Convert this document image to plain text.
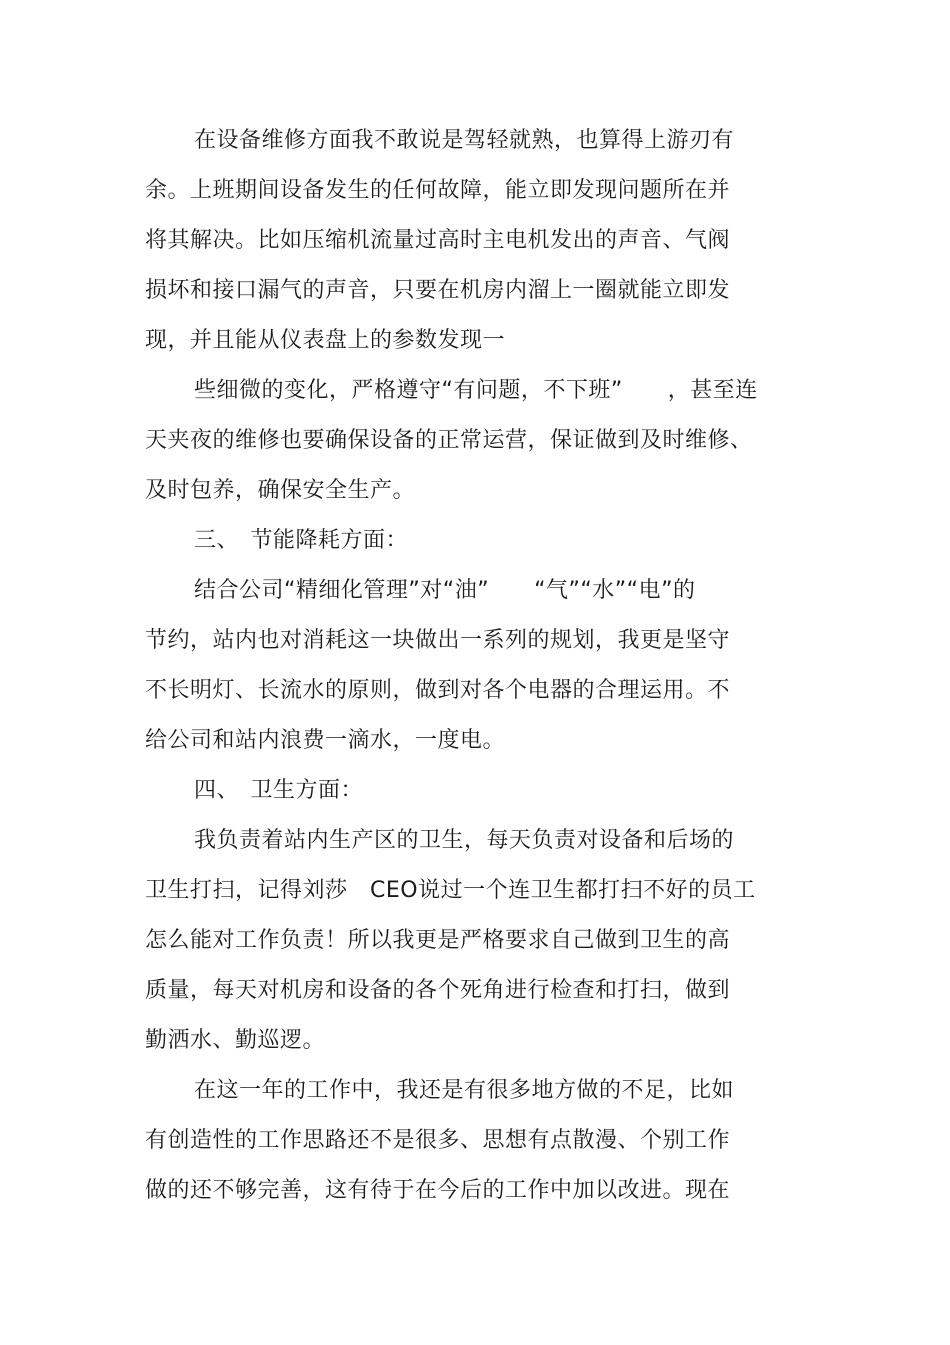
在设备维修方面我不敢说是驾轻就熟，也算得上游刃有
余。上班期间设备发生的任何故障，能立即发现问题所在并
将其解决。比如压缩机流量过高时主电机发出的声音、气阀
损坏和接口漏气的声音，只要在机房内溜上一圈就能立即发
现，并且能从仪表盘上的参数发现一
些细微的变化，严格遵守“有问题，不下班”　　，甚至连
天夹夜的维修也要确保设备的正常运营，保证做到及时维修、
及时包养，确保安全生产。
三、　节能降耗方面：
结合公司“精细化管理”对“油”　　“气”“水”“电”的
节约，站内也对消耗这一块做出一系列的规划，我更是坚守
不长明灯、长流水的原则，做到对各个电器的合理运用。不
给公司和站内浪费一滴水，一度电。
四、　卫生方面：
我负责着站内生产区的卫生，每天负责对设备和后场的
卫生打扫，记得刘莎　CEO说过一个连卫生都打扫不好的员工
怎么能对工作负责！所以我更是严格要求自己做到卫生的高
质量，每天对机房和设备的各个死角进行检查和打扫，做到
勤洒水、勤巡逻。
在这一年的工作中，我还是有很多地方做的不足，比如
有创造性的工作思路还不是很多、思想有点散漫、个别工作
做的还不够完善，这有待于在今后的工作中加以改进。现在
